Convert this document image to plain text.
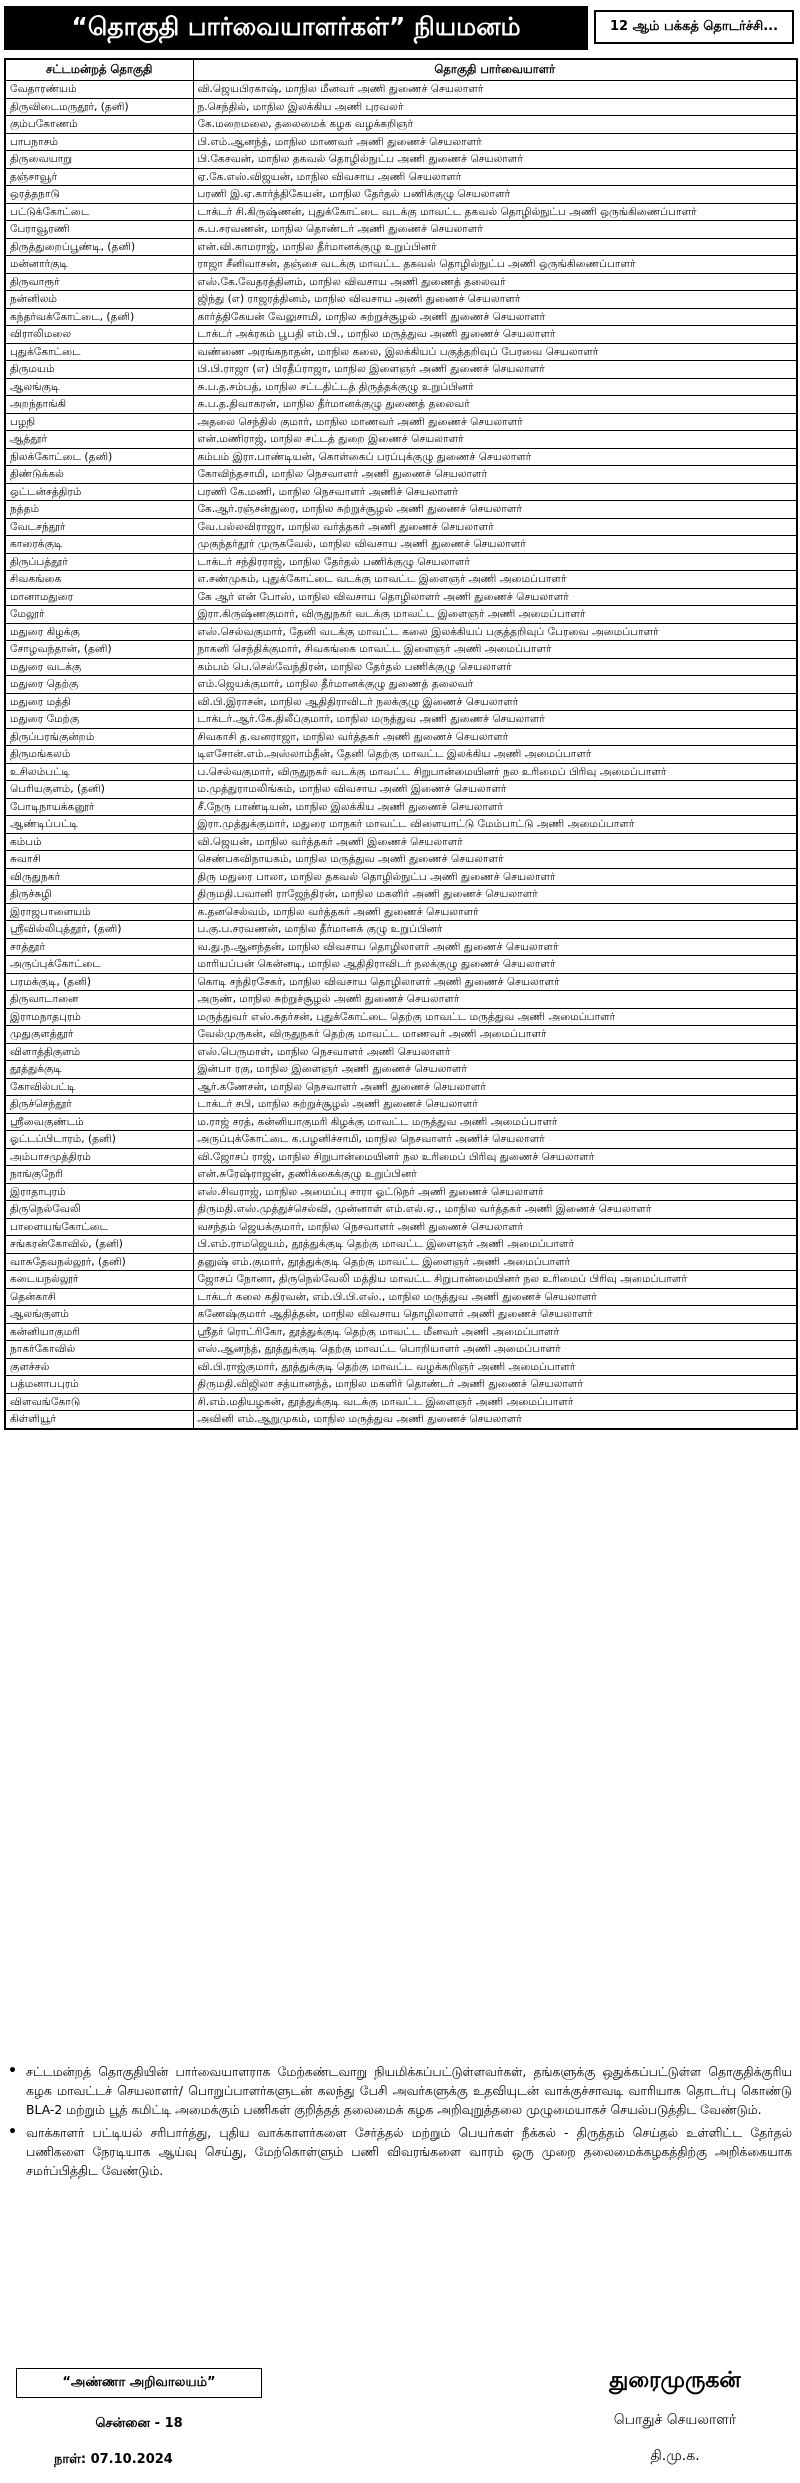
“தொகுதி பார்வையாளர்கள்” நியமனம்	12 ஆம் பக்கத் தொடர்ச்சி...
சட்டமன்றத் தொகுதி	தொகுதி பார்வையாளர்
வேதாரண்யம்	வி.ஜெயபிரகாஷ், மாநில மீனவர் அணி துணைச் செயலாளர்
திருவிடைமருதூர், (தனி)	ந.செந்தில், மாநில இலக்கிய அணி புரவலர்
கும்பகோணம்	கே.மறைமலை, தலைமைக் கழக வழக்கறிஞர்
பாபநாசம்	பி.எம்.ஆனந்த், மாநில மாணவர் அணி துணைச் செயலாளர்
திருவையாறு	பி.கேசவன், மாநில தகவல் தொழில்நுட்ப அணி துணைச் செயலாளர்
தஞ்சாவூர்	ஏ.கே.எஸ்.விஜயன், மாநில விவசாய அணி செயலாளர்
ஒரத்தநாடு	பரணி இ.ஏ.கார்த்திகேயன், மாநில தேர்தல் பணிக்குழு செயலாளர்
பட்டுக்கோட்டை	டாக்டர் சி.கிருஷ்ணன், புதுக்கோட்டை வடக்கு மாவட்ட தகவல் தொழில்நுட்ப அணி ஒருங்கிணைப்பாளர்
பேராவூரணி	சு.ப.சரவணன், மாநில தொண்டர் அணி துணைச் செயலாளர்
திருத்துறைப்பூண்டி, (தனி)	என்.வி.காமராஜ், மாநில தீர்மானக்குழு உறுப்பினர்
மன்னார்குடி	ராஜா சீனிவாசன், தஞ்சை வடக்கு மாவட்ட தகவல் தொழில்நுட்ப அணி ஒருங்கிணைப்பாளர்
திருவாரூர்	எஸ்.கே.வேதரத்தினம், மாநில விவசாய அணி துணைத் தலைவர்
நன்னிலம்	ஜிந்து (எ) ராஜரத்தினம், மாநில விவசாய அணி துணைச் செயலாளர்
கந்தர்வக்கோட்டை, (தனி)	கார்த்திகேயன் வேலுசாமி, மாநில சுற்றுச்சூழல் அணி துணைச் செயலாளர்
விராலிமலை	டாக்டர் அக்ரகம் பூபதி எம்.பி., மாநில மருத்துவ அணி துணைச் செயலாளர்
புதுக்கோட்டை	வண்ணை அரங்கநாதன், மாநில கலை, இலக்கியப் பகுத்தறிவுப் பேரவை செயலாளர்
திருமயம்	பி.பி.ராஜா (எ) பிரதீப்ராஜா, மாநில இளைஞர் அணி துணைச் செயலாளர்
ஆலங்குடி	சு.ப.த.சம்பத், மாநில சட்டதிட்டத் திருத்தக்குழு உறுப்பினர்
அறந்தாங்கி	சு.ப.த.திவாகரன், மாநில தீர்மானக்குழு துணைத் தலைவர்
பழநி	அதலை செந்தில் குமார், மாநில மாணவர் அணி துணைச் செயலாளர்
ஆத்தூர்	என்.மணிராஜ், மாநில சட்டத் துறை இணைச் செயலாளர்
நிலக்கோட்டை (தனி)	கம்பம் இரா.பாண்டியன், கொள்கைப் பரப்புக்குழு துணைச் செயலாளர்
திண்டுக்கல்	கோவிந்தசாமி, மாநில நெசவாளர் அணி துணைச் செயலாளர்
ஒட்டன்சத்திரம்	பரணி கே.மணி, மாநில நெசவாளர் அணிச் செயலாளர்
நத்தம்	கே.ஆர்.ரஞ்சன்துரை, மாநில சுற்றுச்சூழல் அணி துணைச் செயலாளர்
வேடசந்தூர்	வே.பல்லவிராஜா, மாநில வர்த்தகர் அணி துணைச் செயலாளர்
காரைக்குடி	முகுந்தர்தூர் முருகவேல், மாநில விவசாய அணி துணைச் செயலாளர்
திருப்பத்தூர்	டாக்டர் சந்திரராஜ், மாநில தேர்தல் பணிக்குழு செயலாளர்
சிவகங்கை	எ.சண்முகம், புதுக்கோட்டை வடக்கு மாவட்ட இளைஞர் அணி அமைப்பாளர்
மானாமதுரை	கே ஆர் என் போஸ், மாநில விவசாய தொழிலாளர் அணி துணைச் செயலாளர்
மேலூர்	இரா.கிருஷ்ணகுமார், விருதுநகர் வடக்கு மாவட்ட இளைஞர் அணி அமைப்பாளர்
மதுரை கிழக்கு	எஸ்.செல்வகுமார், தேனி வடக்கு மாவட்ட கலை இலக்கியப் பகுத்தறிவுப் பேரவை அமைப்பாளர்
சோழவந்தான், (தனி)	நாகனி செந்திக்குமார், சிவகங்கை மாவட்ட இளைஞர் அணி அமைப்பாளர்
மதுரை வடக்கு	கம்பம் பெ.செல்வேந்திரன், மாநில தேர்தல் பணிக்குழு செயலாளர்
மதுரை தெற்கு	எம்.ஜெயக்குமார், மாநில தீர்மானக்குழு துணைத் தலைவர்
மதுரை மத்தி	வி.பி.இராசன், மாநில ஆதிதிராவிடர் நலக்குழு இணைச் செயலாளர்
மதுரை மேற்கு	டாக்டர்.ஆர்.கே.திலீப்குமார், மாநில மருத்துவ அணி துணைச் செயலாளர்
திருப்பரங்குன்றம்	சிவகாசி த.வனராஜா, மாநில வர்த்தகர் அணி துணைச் செயலாளர்
திருமங்கலம்	டிஎசோன்.எம்.அஸ்லாம்தீன், தேனி தெற்கு மாவட்ட இலக்கிய அணி அமைப்பாளர்
உசிலம்பட்டி	ப.செல்வகுமார், விருதுநகர் வடக்கு மாவட்ட சிறுபான்மையினர் நல உரிமைப் பிரிவு அமைப்பாளர்
பெரியகுளம், (தனி)	ம.முத்துராமலிங்கம், மாநில விவசாய அணி இணைச் செயலாளர்
போடிநாயக்கனூர்	சீ.நேரு பாண்டியன், மாநில இலக்கிய அணி துணைச் செயலாளர்
ஆண்டிப்பட்டி	இரா.முத்துக்குமார், மதுரை மாநகர் மாவட்ட விளையாட்டு மேம்பாட்டு அணி அமைப்பாளர்
கம்பம்	வி.ஜெயன், மாநில வர்த்தகர் அணி இணைச் செயலாளர்
சுவாசி	செண்பகவிநாயகம், மாநில மருத்துவ அணி துணைச் செயலாளர்
விருதுநகர்	திரு மதுரை பாலா, மாநில தகவல் தொழில்நுட்ப அணி துணைச் செயலாளர்
திருச்சுழி	திருமதி.பவானி ராஜேந்திரன், மாநில மகளிர் அணி துணைச் செயலாளர்
இராஜபாளையம்	க.தனசெல்வம், மாநில வர்த்தகர் அணி துணைச் செயலாளர்
ஸ்ரீவில்லிபுத்தூர், (தனி)	ப.கு.ப.சரவணன், மாநில தீர்மானக் குழு உறுப்பினர்
சாத்தூர்	வ.து.ந.ஆனந்தன், மாநில விவசாய தொழிலாளர் அணி துணைச் செயலாளர்
அருப்புக்கோட்டை	மாரியப்பன் கென்னடி, மாநில ஆதிதிராவிடர் நலக்குழு துணைச் செயலாளர்
பரமக்குடி, (தனி)	கொடி சந்திரசேகர், மாநில விவசாய தொழிலாளர் அணி துணைச் செயலாளர்
திருவாடானை	அருண், மாநில சுற்றுச்சூழல் அணி துணைச் செயலாளர்
இராமநாதபுரம்	மருத்துவர் எஸ்.சுதர்சன், புதுக்கோட்டை தெற்கு மாவட்ட மருத்துவ அணி அமைப்பாளர்
முதுகுளத்தூர்	வேல்முருகன், விருதுநகர் தெற்கு மாவட்ட மாணவர் அணி அமைப்பாளர்
விளாத்திகுளம்	எஸ்.பெருமாள், மாநில நெசவாளர் அணி செயலாளர்
தூத்துக்குடி	இன்பா ரகு, மாநில இளைஞர் அணி துணைச் செயலாளர்
கோவில்பட்டி	ஆர்.கணேசன், மாநில நெசவாளர் அணி துணைச் செயலாளர்
திருச்செந்தூர்	டாக்டர் சபி, மாநில சுற்றுச்சூழல் அணி துணைச் செயலாளர்
ஸ்ரீவைகுண்டம்	ம.ராஜ் சரத், கன்னியாகுமரி கிழக்கு மாவட்ட மருத்துவ அணி அமைப்பாளர்
ஓட்டப்பிடாரம், (தனி)	அருப்புக்கோட்டை க.பழனிச்சாமி, மாநில நெசவாளர் அணிச் செயலாளர்
அம்பாசமுத்திரம்	வி.ஜோசப் ராஜ், மாநில சிறுபான்மையினர் நல உரிமைப் பிரிவு துணைச் செயலாளர்
நாங்குநேரி	என்.சுரேஷ்ராஜன், தணிக்கைக்குழு உறுப்பினர்
இராதாபுரம்	எஸ்.சிவராஜ், மாநில அமைப்பு சாரா ஓட்டுநர் அணி துணைச் செயலாளர்
திருநெல்வேலி	திருமதி.எஸ்.முத்துச்செல்வி, முன்னாள் எம்.எல்.ஏ., மாநில வர்த்தகர் அணி இணைச் செயலாளர்
பாளையங்கோட்டை	வசந்தம் ஜெயக்குமார், மாநில நெசவாளர் அணி துணைச் செயலாளர்
சங்கரன்கோவில், (தனி)	பி.எம்.ராமஜெயம், தூத்துக்குடி தெற்கு மாவட்ட இளைஞர் அணி அமைப்பாளர்
வாசுதேவநல்லூர், (தனி)	தனுஷ் எம்.குமார், தூத்துக்குடி தெற்கு மாவட்ட இளைஞர் அணி அமைப்பாளர்
கடையநல்லூர்	ஜோசப் நோனா, திருநெல்வேலி மத்திய மாவட்ட சிறுபான்மையினர் நல உரிமைப் பிரிவு அமைப்பாளர்
தென்காசி	டாக்டர் கலை கதிரவன், எம்.பி.பி.எஸ்., மாநில மருத்துவ அணி துணைச் செயலாளர்
ஆலங்குளம்	கணேஷ்குமார் ஆதித்தன், மாநில விவசாய தொழிலாளர் அணி துணைச் செயலாளர்
கன்னியாகுமரி	ஸ்ரீதர் ரொட்ரிகோ, தூத்துக்குடி தெற்கு மாவட்ட மீனவர் அணி அமைப்பாளர்
நாகர்கோவில்	எஸ்.ஆனந்த், தூத்துக்குடி தெற்கு மாவட்ட பொறியாளர் அணி அமைப்பாளர்
குளச்சல்	வி.பி.ராஜ்குமார், தூத்துக்குடி தெற்கு மாவட்ட வழக்கறிஞர் அணி அமைப்பாளர்
பத்மனாபபுரம்	திருமதி.விஜிலா சத்யானந்த், மாநில மகளிர் தொண்டர் அணி துணைச் செயலாளர்
விளவங்கோடு	சி.எம்.மதியழகன், தூத்துக்குடி வடக்கு மாவட்ட இளைஞர் அணி அமைப்பாளர்
கிள்ளியூர்	அவினி எம்.ஆறுமுகம், மாநில மருத்துவ அணி துணைச் செயலாளர்
• சட்டமன்றத் தொகுதியின் பார்வையாளராக மேற்கண்டவாறு நியமிக்கப்பட்டுள்ளவர்கள், தங்களுக்கு ஒதுக்கப்பட்டுள்ள தொகுதிக்குரிய கழக மாவட்டச் செயலாளர்/ பொறுப்பாளர்களுடன் கலந்து பேசி அவர்களுக்கு உதவியுடன் வாக்குச்சாவடி வாரியாக தொடர்பு கொண்டு BLA-2 மற்றும் பூத் கமிட்டி அமைக்கும் பணிகள் குறித்தத் தலைமைக் கழக அறிவுறுத்தலை முழுமையாகச் செயல்படுத்திட வேண்டும்.
• வாக்காளர் பட்டியல் சரிபார்த்து, புதிய வாக்காளர்களை சேர்த்தல் மற்றும் பெயர்கள் நீக்கல் - திருத்தம் செய்தல் உள்ளிட்ட தேர்தல் பணிகளை நேரடியாக ஆய்வு செய்து, மேற்கொள்ளும் பணி விவரங்களை வாரம் ஒரு முறை தலைமைக்கழகத்திற்கு அறிக்கையாக சமர்ப்பித்திட வேண்டும்.
“அண்ணா அறிவாலயம்”
சென்னை - 18
நாள்: 07.10.2024
துரைமுருகன்
பொதுச் செயலாளர்
தி.மு.க.
